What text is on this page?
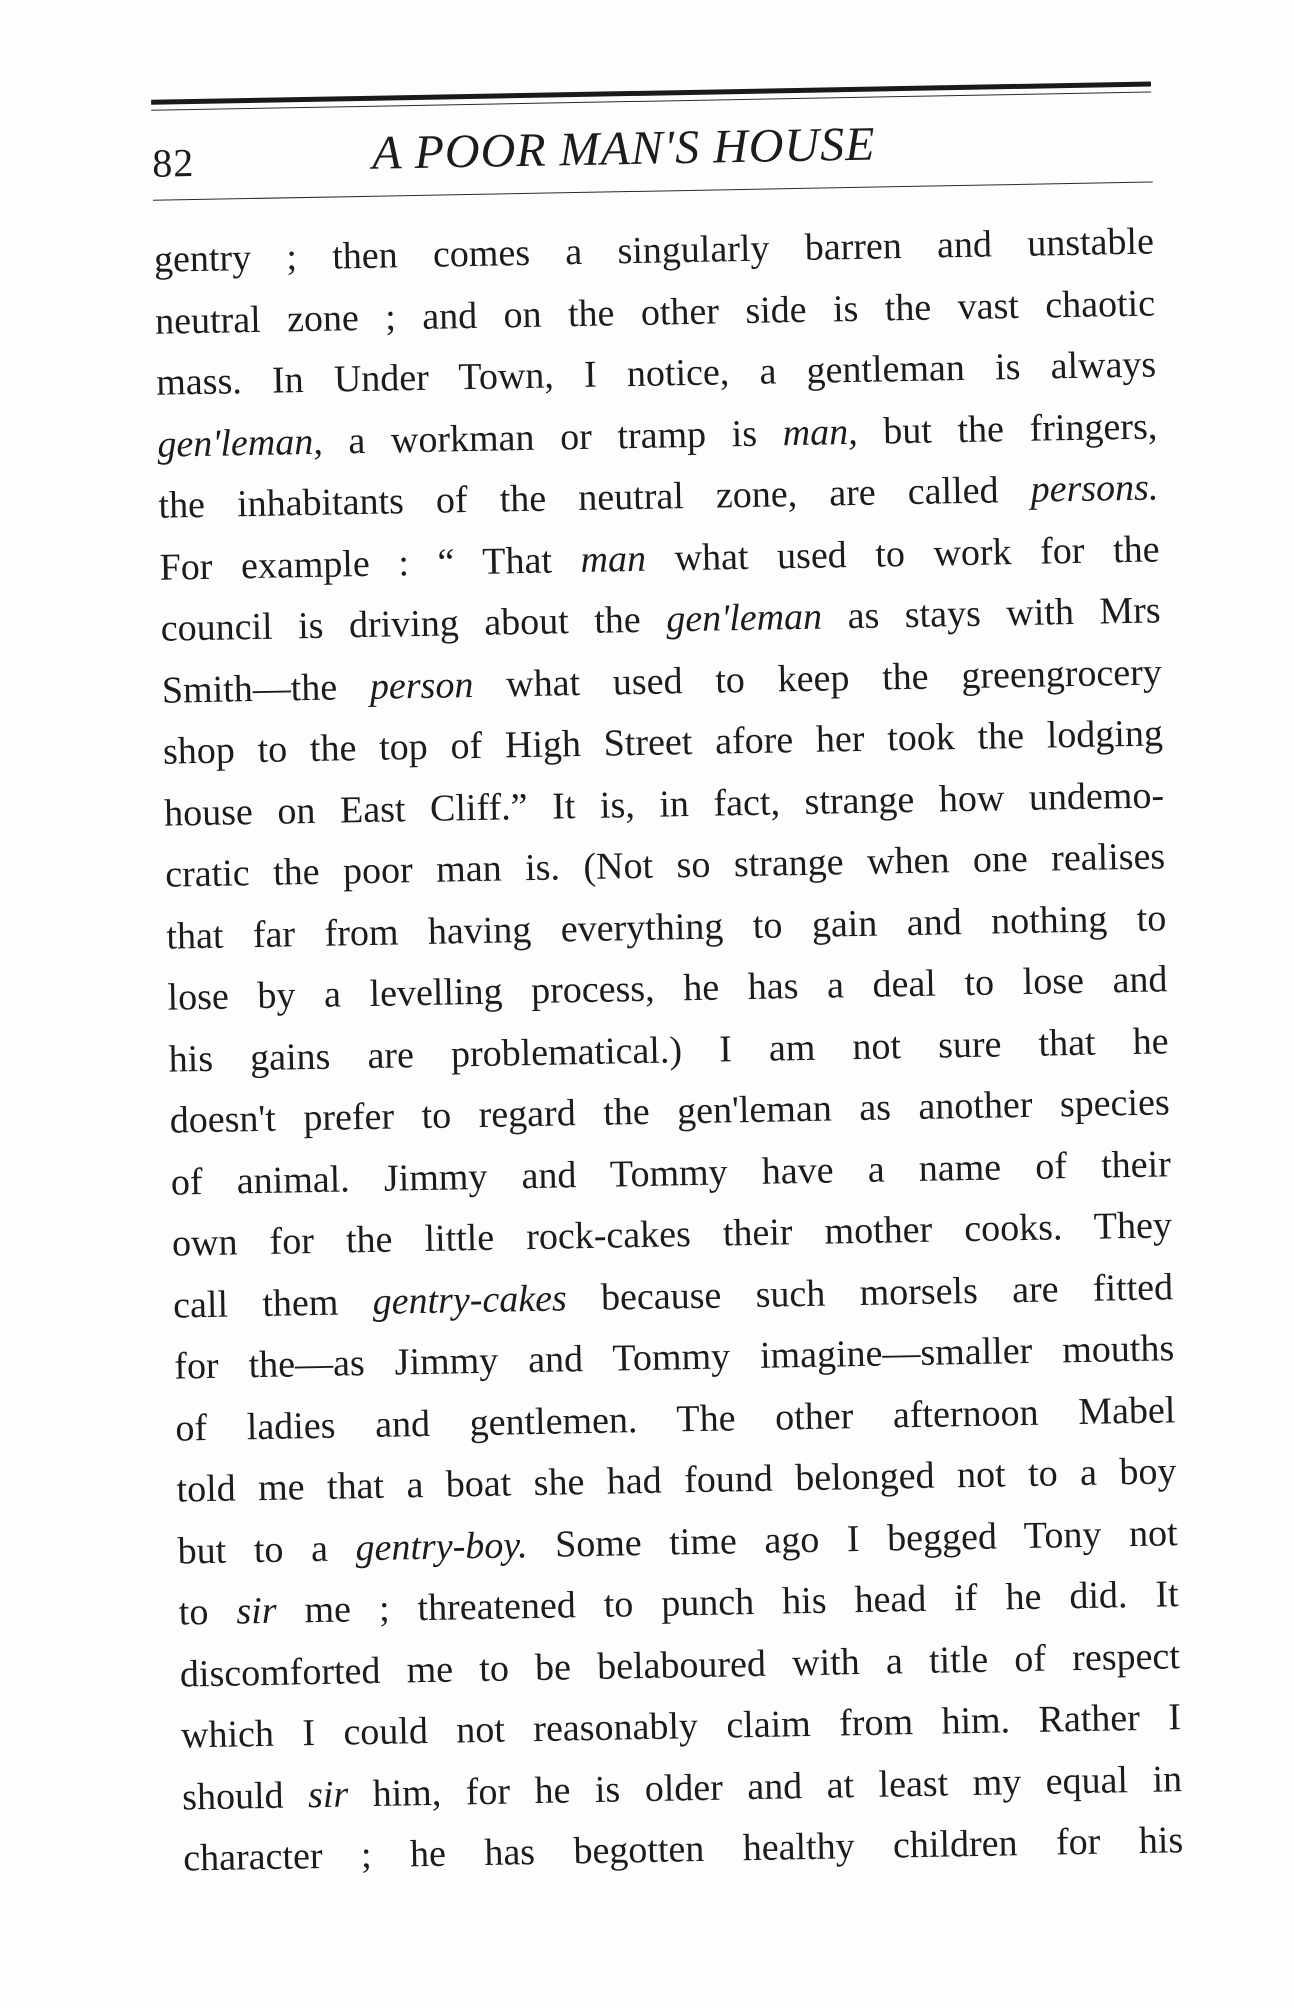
82	A POOR MAN'S HOUSE
gentry ; then comes a singularly barren and unstable
neutral zone ; and on the other side is the vast chaotic
mass. In Under Town, I notice, a gentleman is always
gen'leman, a workman or tramp is man, but the fringers,
the inhabitants of the neutral zone, are called persons.
For example : “ That man what used to work for the
council is driving about the gen'leman as stays with Mrs
Smith—the person what used to keep the greengrocery
shop to the top of High Street afore her took the lodging
house on East Cliff.” It is, in fact, strange how undemo-
cratic the poor man is. (Not so strange when one realises
that far from having everything to gain and nothing to
lose by a levelling process, he has a deal to lose and
his gains are problematical.) I am not sure that he
doesn't prefer to regard the gen'leman as another species
of animal. Jimmy and Tommy have a name of their
own for the little rock-cakes their mother cooks. They
call them gentry-cakes because such morsels are fitted
for the—as Jimmy and Tommy imagine—smaller mouths
of ladies and gentlemen. The other afternoon Mabel
told me that a boat she had found belonged not to a boy
but to a gentry-boy. Some time ago I begged Tony not
to sir me ; threatened to punch his head if he did. It
discomforted me to be belaboured with a title of respect
which I could not reasonably claim from him. Rather I
should sir him, for he is older and at least my equal in
character ; he has begotten healthy children for his
